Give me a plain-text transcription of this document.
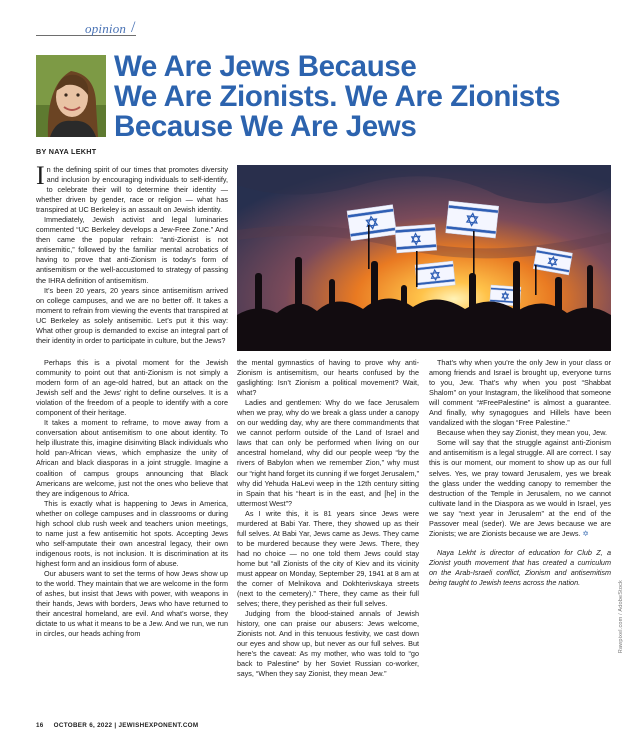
opinion /
We Are Jews Because
We Are Zionists. We Are Zionists
Because We Are Jews
BY NAYA LEKHT

In the defining spirit of our times that promotes diversity and inclusion by encouraging individuals to self-identify, to celebrate their will to determine their identity — whether driven by gender, race or religion — what has transpired at UC Berkeley is an assault on Jewish identity.

Immediately, Jewish activist and legal luminaries commented “UC Berkeley develops a Jew-Free Zone.” And then came the popular refrain: “anti-Zionist is not antisemitic,” followed by the familiar mental acrobatics of having to prove that anti-Zionism is today’s form of antisemitism or the well-accustomed to strategy of passing the IHRA definition of antisemitism.

It’s been 20 years, 20 years since antisemitism arrived on college campuses, and we are no better off. It takes a moment to refrain from viewing the events that transpired at UC Berkeley as solely antisemitic. Let’s put it this way: What other group is demanded to excise an integral part of their identity in order to participate in culture, but the Jews?

Perhaps this is a pivotal moment for the Jewish community to point out that anti-Zionism is not simply a modern form of an age-old hatred, but an attack on the Jewish self and the Jews’ right to define ourselves. It is a violation of the freedom of a people to identify with a core component of their heritage.

It takes a moment to reframe, to move away from a conversation about antisemitism to one about identity. To help illustrate this, imagine disinviting Black individuals who hold pan-African views, which emphasize the unity of African and black diasporas in a joint struggle. Imagine a coalition of campus groups announcing that Black Americans are welcome, just not the ones who believe that they are indigenous to Africa.

This is exactly what is happening to Jews in America, whether on college campuses and in classrooms or during high school club rush week and teachers union meetings, to name just a few antisemitic hot spots. Accepting Jews who self-amputate their own ancestral legacy, their own indigenous roots, is not inclusion. It is discrimination at its highest form and an insidious form of abuse.

Our abusers want to set the terms of how Jews show up to the world. They maintain that we are welcome in the form of ashes, but insist that Jews with power, with weapons in their hands, Jews with borders, Jews who have returned to their ancestral homeland, are evil. And what’s worse, they dictate to us what it means to be a Jew. And we run, we run in circles, our heads aching from

the mental gymnastics of having to prove why anti-Zionism is antisemitism, our hearts confused by the gaslighting: Isn’t Zionism a political movement? Wait, what?

Ladies and gentlemen: Why do we face Jerusalem when we pray, why do we break a glass under a canopy on our wedding day, why are there commandments that we cannot perform outside of the Land of Israel and laws that can only be performed when living on our ancestral homeland, why did our people weep “by the rivers of Babylon when we remember Zion,” why must our “right hand forget its cunning if we forget Jerusalem,” why did Yehuda HaLevi weep in the 12th century sitting in Spain that his “heart is in the east, and [he] in the uttermost West”?

As I write this, it is 81 years since Jews were murdered at Babi Yar. There, they showed up as their full selves. At Babi Yar, Jews came as Jews. They came to be murdered because they were Jews. There, they had no choice — no one told them Jews could stay home but “all Zionists of the city of Kiev and its vicinity must appear on Monday, September 29, 1941 at 8 am at the corner of Melnikova and Dokhterivskaya streets (next to the cemetery).” There, they came as their full selves; there, they perished as their full selves.

Judging from the blood-stained annals of Jewish history, one can praise our abusers: Jews welcome, Zionists not. And in this tenuous festivity, we cast down our eyes and show up, but never as our full selves. But here’s the caveat: As my mother, who was told to “go back to Palestine” by her Soviet Russian co-worker, says, “When they say Zionist, they mean Jew.”

That’s why when you’re the only Jew in your class or among friends and Israel is brought up, everyone turns to you, Jew. That’s why when you post “Shabbat Shalom” on your Instagram, the likelihood that someone will comment “#FreePalestine” is almost a guarantee. And finally, why synagogues and Hillels have been vandalized with the slogan “Free Palestine.”

Because when they say Zionist, they mean you, Jew.

Some will say that the struggle against anti-Zionism and antisemitism is a legal struggle. All are correct. I say this is our moment, our moment to show up as our full selves. Yes, we pray toward Jerusalem, yes we break the glass under the wedding canopy to remember the destruction of the Temple in Jerusalem, no we cannot cultivate land in the Diaspora as we would in Israel, yes we say “next year in Jerusalem” at the end of the Passover meal (seder). We are Jews because we are Zionists; we are Zionists because we are Jews. ✡

Naya Lekht is director of education for Club Z, a Zionist youth movement that has created a curriculum on the Arab-Israeli conflict, Zionism and antisemitism being taught to Jewish teens across the nation.	Rawpixel.com / AdobeStock
16 OCTOBER 6, 2022 | JEWISHEXPONENT.COM
